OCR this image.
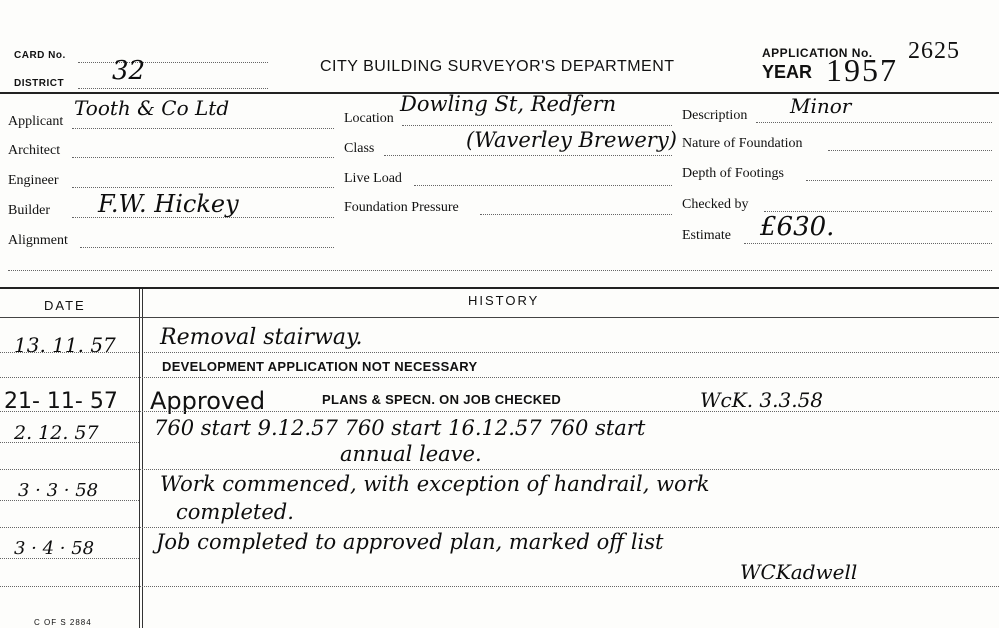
CARD No.
DISTRICT 32	CITY BUILDING SURVEYOR'S DEPARTMENT
APPLICATION No. 2625
YEAR 1957
Applicant
Tooth & Co Ltd
Architect
Engineer
Builder F.W. Hickey
Alignment
Location
Dowling St, Redfern
Class	(Waverley Brewery)
Live Load
Foundation Pressure
Description Minor
Nature of Foundation
Depth of Footings
Checked by
Estimate £630.
DATE	HISTORY
13. 11. 57 Removal stairway.
DEVELOPMENT APPLICATION NOT NECESSARY
21- 11- 57 Approved	PLANS & SPECN. ON JOB CHECKED	WcK. 3.3.58
2. 12. 57	760 start 9.12.57 760 start 16.12.57 760 start
annual leave.
3 · 3 · 58	Work commenced, with exception of handrail, work
completed.
3 · 4 · 58	Job completed to approved plan, marked off list
WCKadwell
C OF S 2884
